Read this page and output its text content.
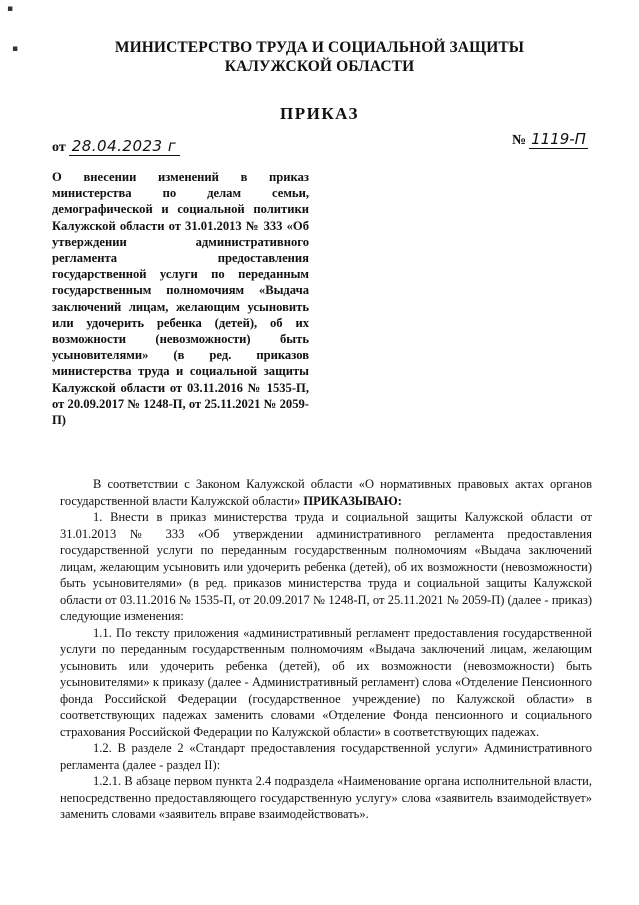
▪
▪	МИНИСТЕРСТВО ТРУДА И СОЦИАЛЬНОЙ ЗАЩИТЫ
КАЛУЖСКОЙ ОБЛАСТИ
ПРИКАЗ
от 28.04.2023 г	№ 1119-П
О внесении изменений в приказ министерства по делам семьи, демографической и социальной политики Калужской области от 31.01.2013 № 333 «Об утверждении административного регламента предоставления государственной услуги по переданным государственным полномочиям «Выдача заключений лицам, желающим усыновить или удочерить ребенка (детей), об их возможности (невозможности) быть усыновителями» (в ред. приказов министерства труда и социальной защиты Калужской области от 03.11.2016 № 1535-П, от 20.09.2017 № 1248-П, от 25.11.2021 № 2059-П)

В соответствии с Законом Калужской области «О нормативных правовых актах органов государственной власти Калужской области» ПРИКАЗЫВАЮ:

1. Внести в приказ министерства труда и социальной защиты Калужской области от 31.01.2013 № 333 «Об утверждении административного регламента предоставления государственной услуги по переданным государственным полномочиям «Выдача заключений лицам, желающим усыновить или удочерить ребенка (детей), об их возможности (невозможности) быть усыновителями» (в ред. приказов министерства труда и социальной защиты Калужской области от 03.11.2016 № 1535-П, от 20.09.2017 № 1248-П, от 25.11.2021 № 2059-П) (далее - приказ) следующие изменения:

1.1. По тексту приложения «административный регламент предоставления государственной услуги по переданным государственным полномочиям «Выдача заключений лицам, желающим усыновить или удочерить ребенка (детей), об их возможности (невозможности) быть усыновителями» к приказу (далее - Административный регламент) слова «Отделение Пенсионного фонда Российской Федерации (государственное учреждение) по Калужской области» в соответствующих падежах заменить словами «Отделение Фонда пенсионного и социального страхования Российской Федерации по Калужской области» в соответствующих падежах.

1.2. В разделе 2 «Стандарт предоставления государственной услуги» Административного регламента (далее - раздел II):

1.2.1. В абзаце первом пункта 2.4 подраздела «Наименование органа исполнительной власти, непосредственно предоставляющего государственную услугу» слова «заявитель взаимодействует» заменить словами «заявитель вправе взаимодействовать».
